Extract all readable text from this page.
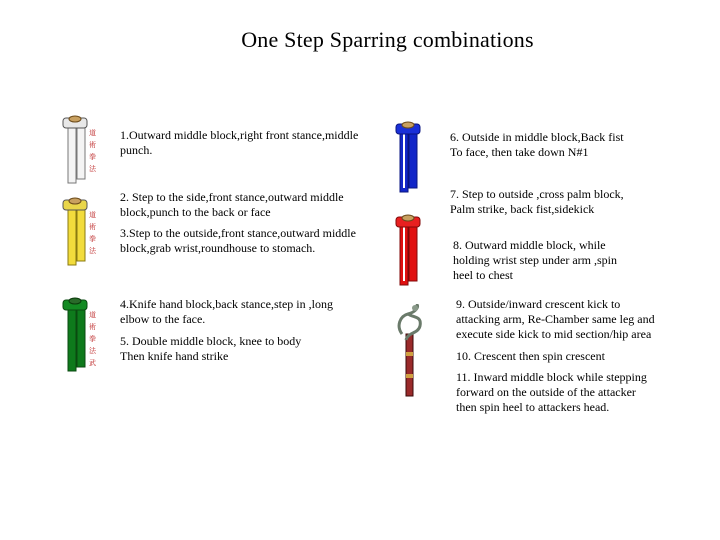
One Step Sparring combinations
道
術
拳
法
道
術
拳
法
道
術
拳
法
武
1.Outward middle block,right front stance,middle
punch.
2. Step to the side,front stance,outward middle
block,punch to the back or face
3.Step to the outside,front stance,outward middle
block,grab wrist,roundhouse to stomach.
4.Knife hand block,back stance,step in ,long
elbow to the face.
5. Double middle block, knee to body
Then knife hand strike
6. Outside in middle block,Back fist
To face, then take down N#1
7. Step to outside ,cross palm block,
Palm strike, back fist,sidekick
8. Outward middle block, while
holding wrist step under arm ,spin
heel to chest
9. Outside/inward crescent kick to
attacking arm, Re-Chamber same leg and
execute side kick to mid section/hip area
10. Crescent then spin crescent
11. Inward middle block while stepping
forward on the outside of the attacker
then spin heel to attackers head.
